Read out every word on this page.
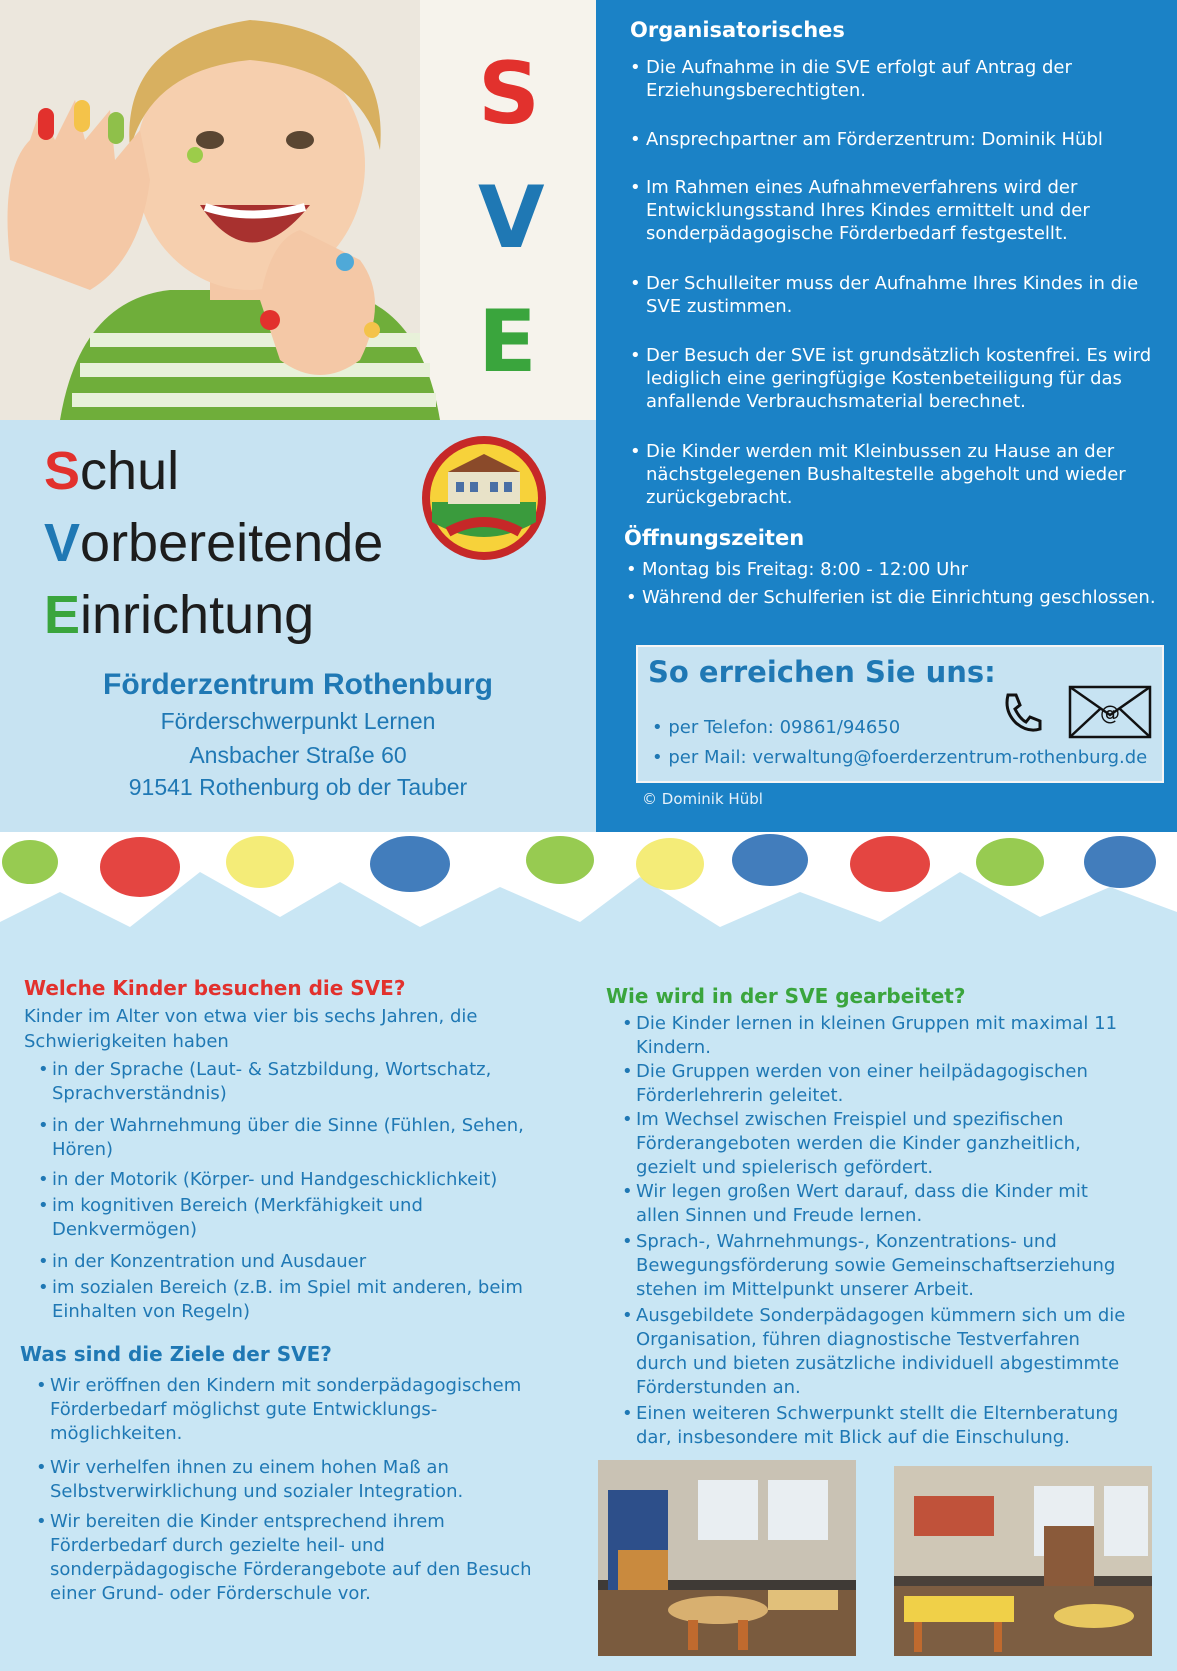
S
V
E
Schul
Vorbereitende
Einrichtung
Förderzentrum Rothenburg
Förderschwerpunkt Lernen
Ansbacher Straße 60
91541 Rothenburg ob der Tauber
Organisatorisches
• Die Aufnahme in die SVE erfolgt auf Antrag der Erziehungsberechtigten.
• Ansprechpartner am Förderzentrum: Dominik Hübl
• Im Rahmen eines Aufnahmeverfahrens wird der Entwicklungsstand Ihres Kindes ermittelt und der sonderpädagogische Förderbedarf festgestellt.
• Der Schulleiter muss der Aufnahme Ihres Kindes in die SVE zustimmen.
• Der Besuch der SVE ist grundsätzlich kostenfrei. Es wird lediglich eine geringfügige Kostenbeteiligung für das anfallende Verbrauchsmaterial berechnet.
• Die Kinder werden mit Kleinbussen zu Hause an der nächstgelegenen Bushaltestelle abgeholt und wieder zurückgebracht.
Öffnungszeiten
• Montag bis Freitag: 8:00 - 12:00 Uhr
• Während der Schulferien ist die Einrichtung geschlossen.
© Dominik Hübl
So erreichen Sie uns:
@
• per Telefon: 09861/94650
• per Mail: verwaltung@foerderzentrum-rothenburg.de
Welche Kinder besuchen die SVE?
Kinder im Alter von etwa vier bis sechs Jahren, die Schwierigkeiten haben
• in der Sprache (Laut- & Satzbildung, Wortschatz, Sprachverständnis)
• in der Wahrnehmung über die Sinne (Fühlen, Sehen, Hören)
• in der Motorik (Körper- und Handgeschicklichkeit)
• im kognitiven Bereich (Merkfähigkeit und Denkvermögen)
• in der Konzentration und Ausdauer
• im sozialen Bereich (z.B. im Spiel mit anderen, beim Einhalten von Regeln)
Was sind die Ziele der SVE?
• Wir eröffnen den Kindern mit sonderpädagogischem Förderbedarf möglichst gute Entwicklungs-möglichkeiten.
• Wir verhelfen ihnen zu einem hohen Maß an Selbstverwirklichung und sozialer Integration.
• Wir bereiten die Kinder entsprechend ihrem Förderbedarf durch gezielte heil- und sonderpädagogische Förderangebote auf den Besuch einer Grund- oder Förderschule vor.
Wie wird in der SVE gearbeitet?
• Die Kinder lernen in kleinen Gruppen mit maximal 11 Kindern.
• Die Gruppen werden von einer heilpädagogischen Förderlehrerin geleitet.
• Im Wechsel zwischen Freispiel und spezifischen Förderangeboten werden die Kinder ganzheitlich, gezielt und spielerisch gefördert.
• Wir legen großen Wert darauf, dass die Kinder mit allen Sinnen und Freude lernen.
• Sprach-, Wahrnehmungs-, Konzentrations- und Bewegungsförderung sowie Gemeinschaftserziehung stehen im Mittelpunkt unserer Arbeit.
• Ausgebildete Sonderpädagogen kümmern sich um die Organisation, führen diagnostische Testverfahren durch und bieten zusätzliche individuell abgestimmte Förderstunden an.
• Einen weiteren Schwerpunkt stellt die Elternberatung dar, insbesondere mit Blick auf die Einschulung.
